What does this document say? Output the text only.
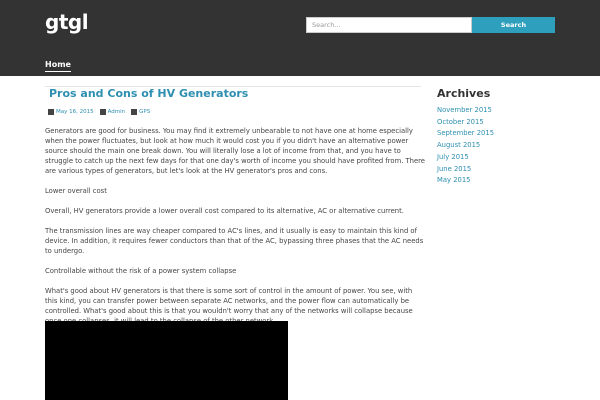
gtgl
Search...	Search
Home
Pros and Cons of HV Generators
May 16, 2015	Admin	GPS

Generators are good for business. You may find it extremely unbearable to not have one at home especially when the power fluctuates, but look at how much it would cost you if you didn't have an alternative power source should the main one break down. You will literally lose a lot of income from that, and you have to struggle to catch up the next few days for that one day's worth of income you should have profited from. There are various types of generators, but let's look at the HV generator's pros and cons.

Lower overall cost

Overall, HV generators provide a lower overall cost compared to its alternative, AC or alternative current.

The transmission lines are way cheaper compared to AC's lines, and it usually is easy to maintain this kind of device. In addition, it requires fewer conductors than that of the AC, bypassing three phases that the AC needs to undergo.

Controllable without the risk of a power system collapse

What's good about HV generators is that there is some sort of control in the amount of power. You see, with this kind, you can transfer power between separate AC networks, and the power flow can automatically be controlled. What's good about this is that you wouldn't worry that any of the networks will collapse because

Archives
November 2015
October 2015
September 2015
August 2015
July 2015
June 2015
May 2015
